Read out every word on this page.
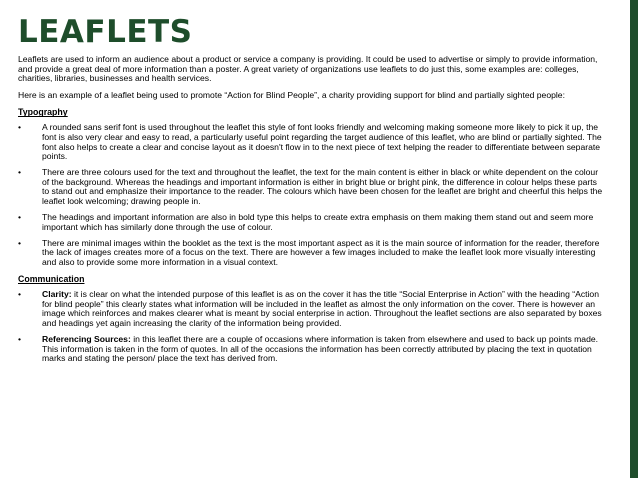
LEAFLETS

Leaflets are used to inform an audience about a product or service a company is providing. It could be used to advertise or simply to provide information, and provide a great deal of more information than a poster. A great variety of organizations use leaflets to do just this, some examples are: colleges, charities, libraries, businesses and health services.

Here is an example of a leaflet being used to promote “Action for Blind People”, a charity providing support for blind and partially sighted people:

Typography
•	A rounded sans serif font is used throughout the leaflet this style of font looks friendly and welcoming making someone more likely to pick it up, the font is also very clear and easy to read, a particularly useful point regarding the target audience of this leaflet, who are blind or partially sighted. The font also helps to create a clear and concise layout as it doesn't flow in to the next piece of text helping the reader to differentiate between separate points.
•	There are three colours used for the text and throughout the leaflet, the text for the main content is either in black or white dependent on the colour of the background. Whereas the headings and important information is either in bright blue or bright pink, the difference in colour helps these parts to stand out and emphasize their importance to the reader. The colours which have been chosen for the leaflet are bright and cheerful this helps the leaflet look welcoming; drawing people in.
•	The headings and important information are also in bold type this helps to create extra emphasis on them making them stand out and seem more important which has similarly done through the use of colour.
•	There are minimal images within the booklet as the text is the most important aspect as it is the main source of information for the reader, therefore the lack of images creates more of a focus on the text. There are however a few images included to make the leaflet look more visually interesting and also to provide some more information in a visual context.
Communication
•	Clarity: it is clear on what the intended purpose of this leaflet is as on the cover it has the title “Social Enterprise in Action” with the heading “Action for blind people” this clearly states what information will be included in the leaflet as almost the only information on the cover. There is however an image which reinforces and makes clearer what is meant by social enterprise in action. Throughout the leaflet sections are also separated by boxes and headings yet again increasing the clarity of the information being provided.
•	Referencing Sources: in this leaflet there are a couple of occasions where information is taken from elsewhere and used to back up points made. This information is taken in the form of quotes. In all of the occasions the information has been correctly attributed by placing the text in quotation marks and stating the person/ place the text has derived from.
